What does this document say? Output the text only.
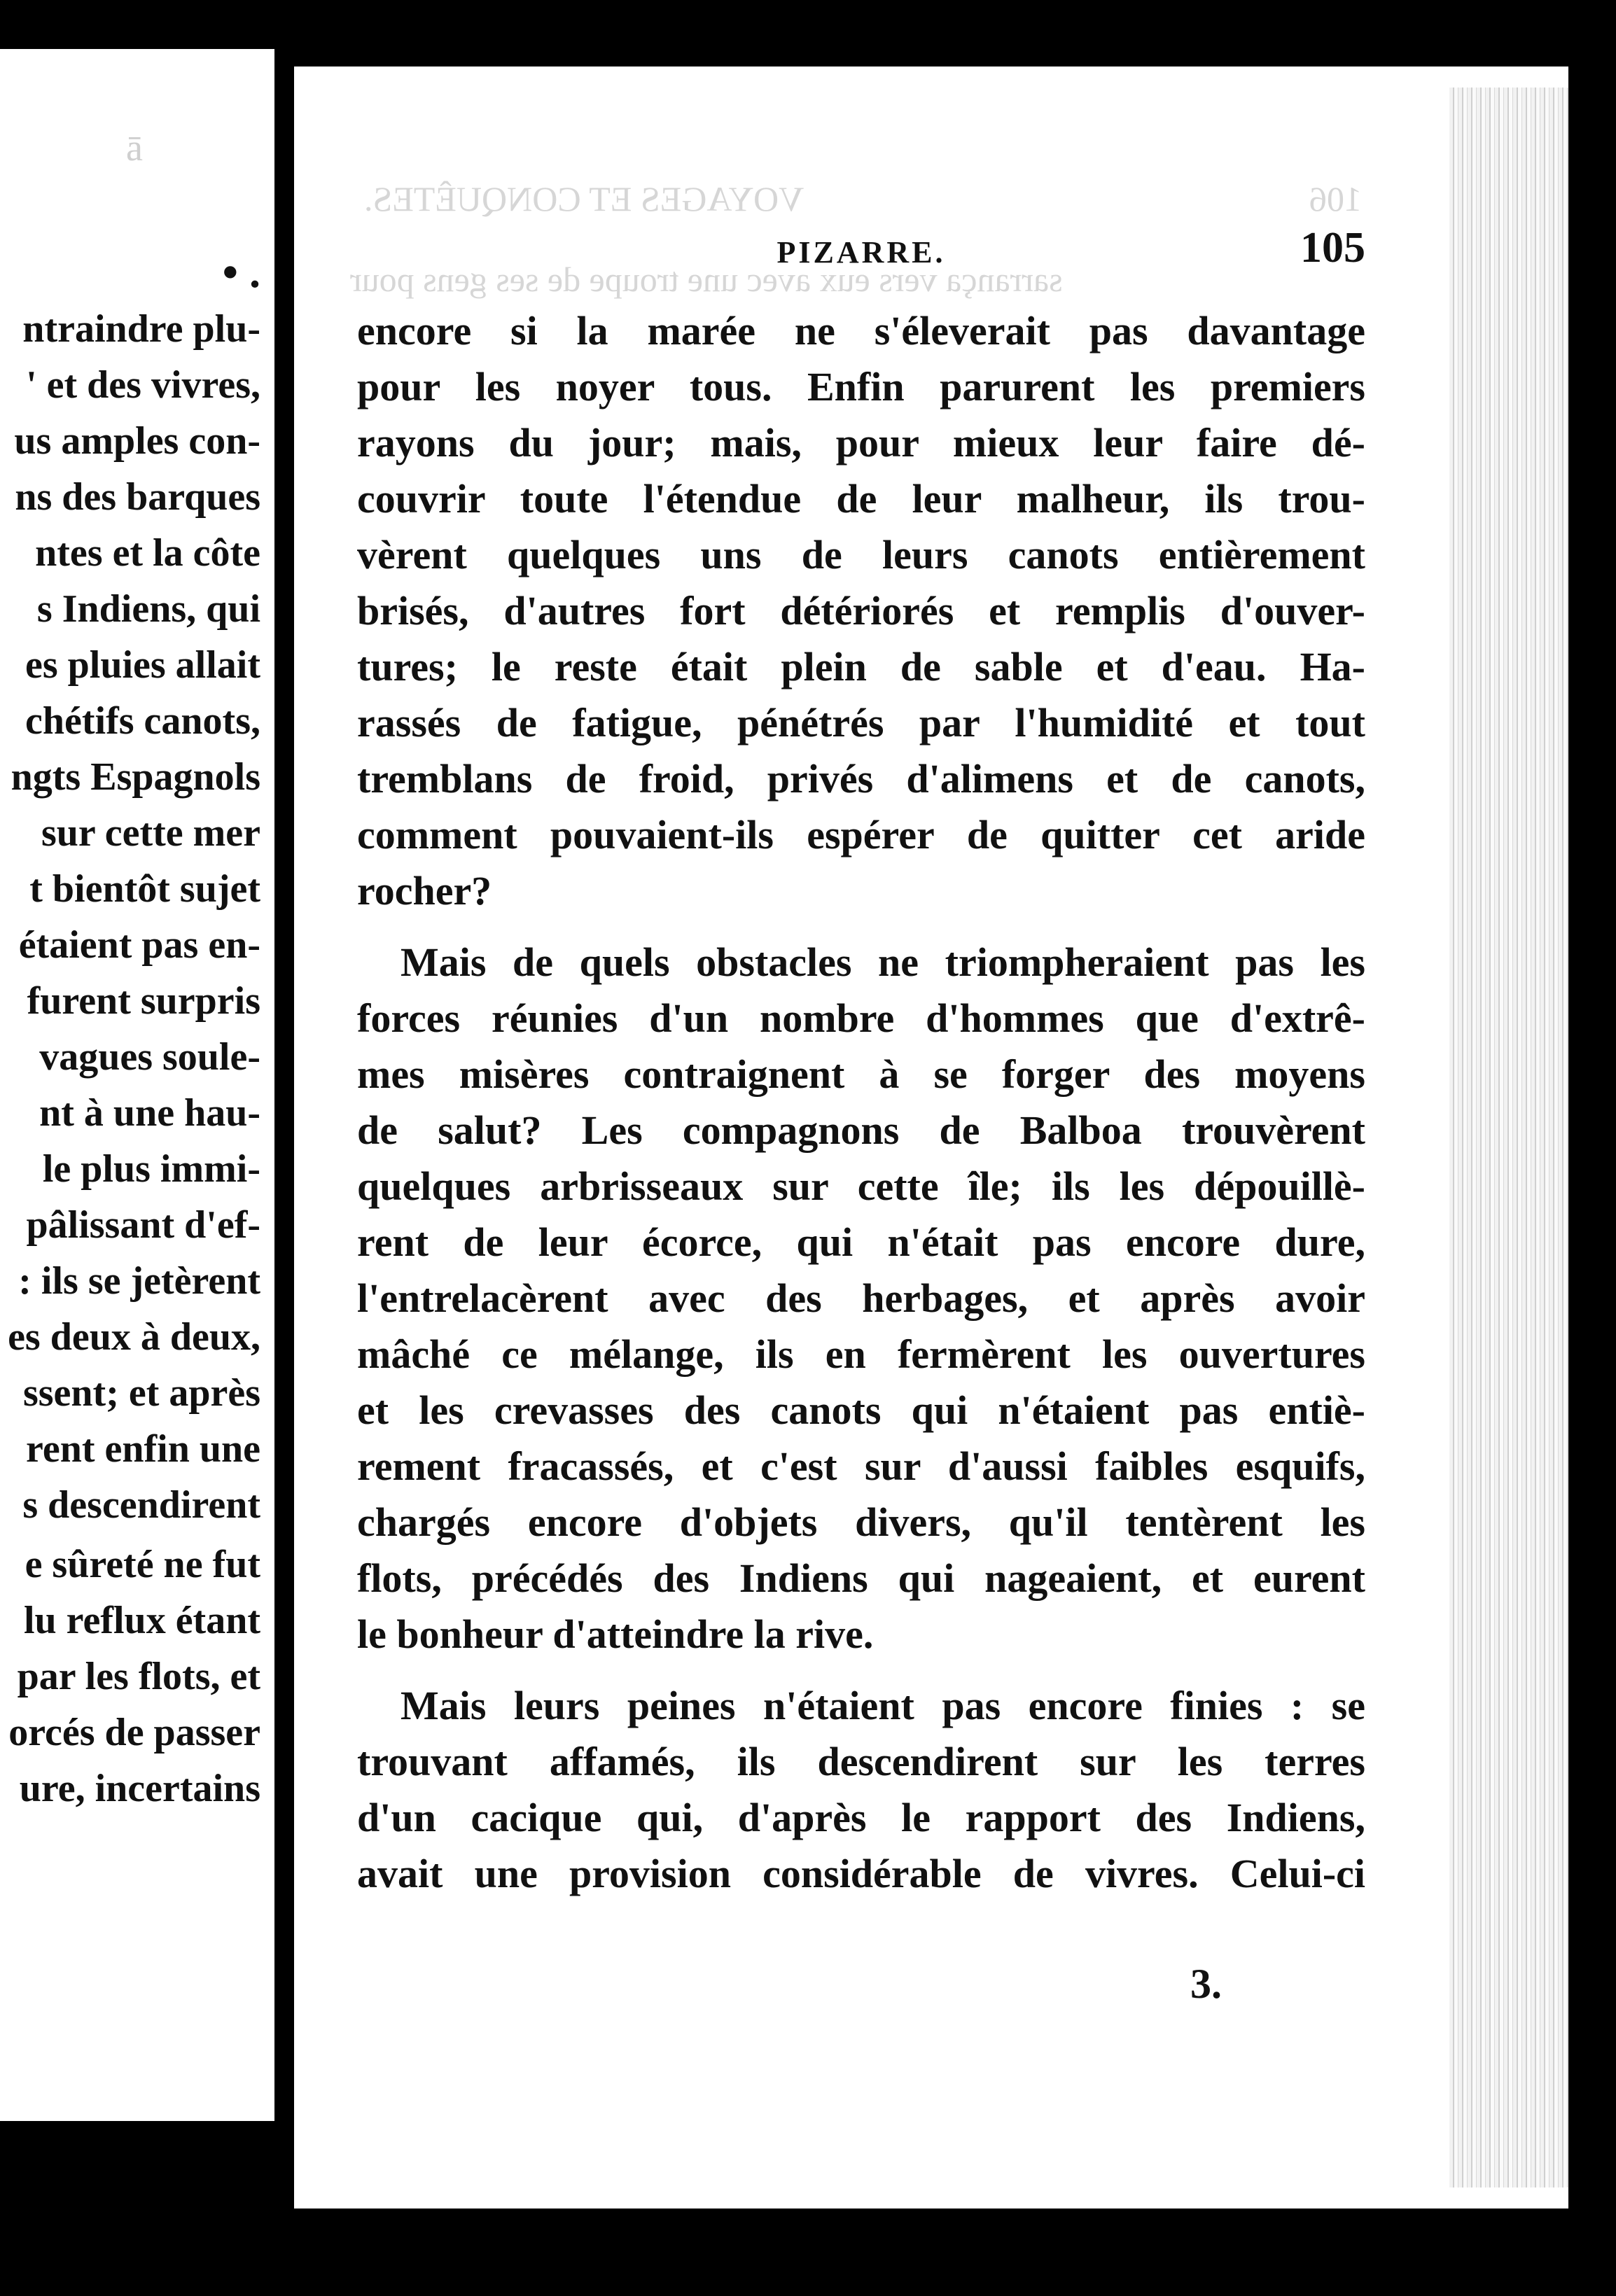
ā

• .

ntraindre plu-
' et des vivres,
us amples con-
ns des barques
ntes et la côte
s Indiens, qui
es pluies allait
chétifs canots,
ngts Espagnols
sur cette mer
t bientôt sujet
étaient pas en-
furent surpris
vagues soule-
nt à une hau-
le plus immi-
pâlissant d'ef-
: ils se jetèrent
es deux à deux,
ssent; et après
rent enfin une
s descendirent
e sûreté ne fut
lu reflux étant
par les flots, et
orcés de passer
ure, incertains
VOYAGES ET CONQUÊTES.	106
sarrança vers eux avec une troupe de ses gens pour

PIZARRE.	105

encore si la marée ne s'éleverait pas davantage
pour les noyer tous. Enfin parurent les premiers
rayons du jour; mais, pour mieux leur faire dé-
couvrir toute l'étendue de leur malheur, ils trou-
vèrent quelques uns de leurs canots entièrement
brisés, d'autres fort détériorés et remplis d'ouver-
tures; le reste était plein de sable et d'eau. Ha-
rassés de fatigue, pénétrés par l'humidité et tout
tremblans de froid, privés d'alimens et de canots,
comment pouvaient-ils espérer de quitter cet aride
rocher?

Mais de quels obstacles ne triompheraient pas les
forces réunies d'un nombre d'hommes que d'extrê-
mes misères contraignent à se forger des moyens
de salut? Les compagnons de Balboa trouvèrent
quelques arbrisseaux sur cette île; ils les dépouillè-
rent de leur écorce, qui n'était pas encore dure,
l'entrelacèrent avec des herbages, et après avoir
mâché ce mélange, ils en fermèrent les ouvertures
et les crevasses des canots qui n'étaient pas entiè-
rement fracassés, et c'est sur d'aussi faibles esquifs,
chargés encore d'objets divers, qu'il tentèrent les
flots, précédés des Indiens qui nageaient, et eurent
le bonheur d'atteindre la rive.

Mais leurs peines n'étaient pas encore finies : se
trouvant affamés, ils descendirent sur les terres
d'un cacique qui, d'après le rapport des Indiens,
avait une provision considérable de vivres. Celui-ci

3.
